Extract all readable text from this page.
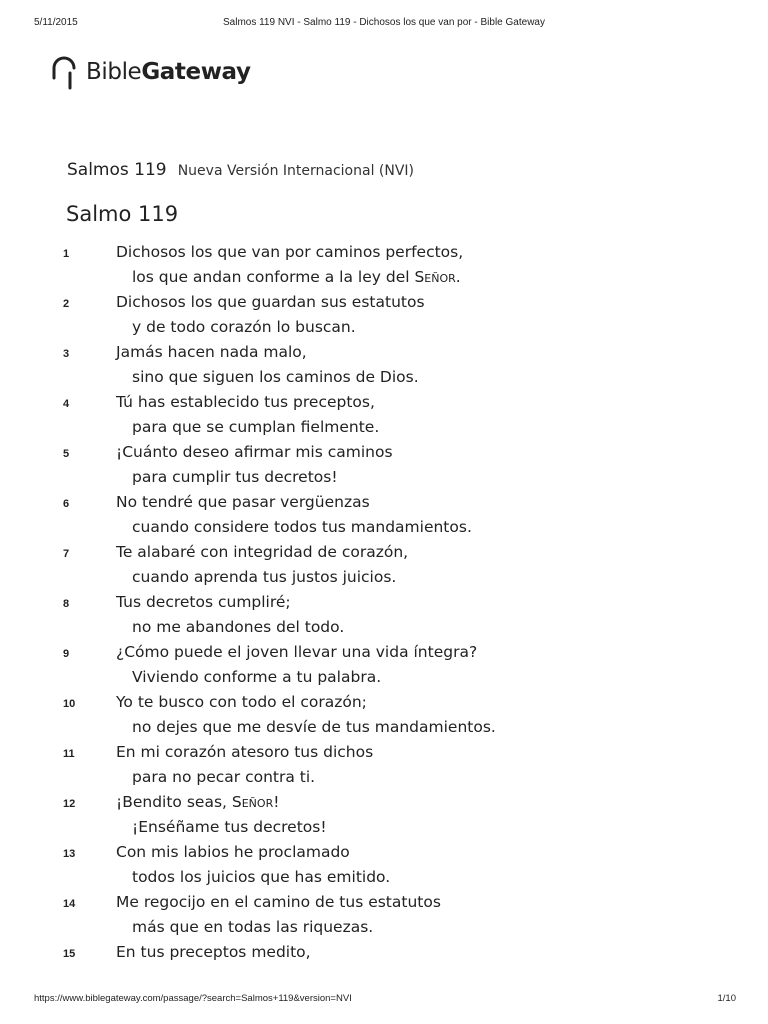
5/11/2015	Salmos 119 NVI - Salmo 119 - Dichosos los que van por - Bible Gateway
BibleGateway
Salmos 119 Nueva Versión Internacional (NVI)
Salmo 119
1	Dichosos los que van por caminos perfectos,
los que andan conforme a la ley del Señor.
2	Dichosos los que guardan sus estatutos
y de todo corazón lo buscan.
3	Jamás hacen nada malo,
sino que siguen los caminos de Dios.
4	Tú has establecido tus preceptos,
para que se cumplan fielmente.
5	¡Cuánto deseo afirmar mis caminos
para cumplir tus decretos!
6	No tendré que pasar vergüenzas
cuando considere todos tus mandamientos.
7	Te alabaré con integridad de corazón,
cuando aprenda tus justos juicios.
8	Tus decretos cumpliré;
no me abandones del todo.
9	¿Cómo puede el joven llevar una vida íntegra?
Viviendo conforme a tu palabra.
10	Yo te busco con todo el corazón;
no dejes que me desvíe de tus mandamientos.
11	En mi corazón atesoro tus dichos
para no pecar contra ti.
12	¡Bendito seas, Señor!
¡Enséñame tus decretos!
13	Con mis labios he proclamado
todos los juicios que has emitido.
14	Me regocijo en el camino de tus estatutos
más que en todas las riquezas.
15	En tus preceptos medito,
https://www.biblegateway.com/passage/?search=Salmos+119&version=NVI	1/10
